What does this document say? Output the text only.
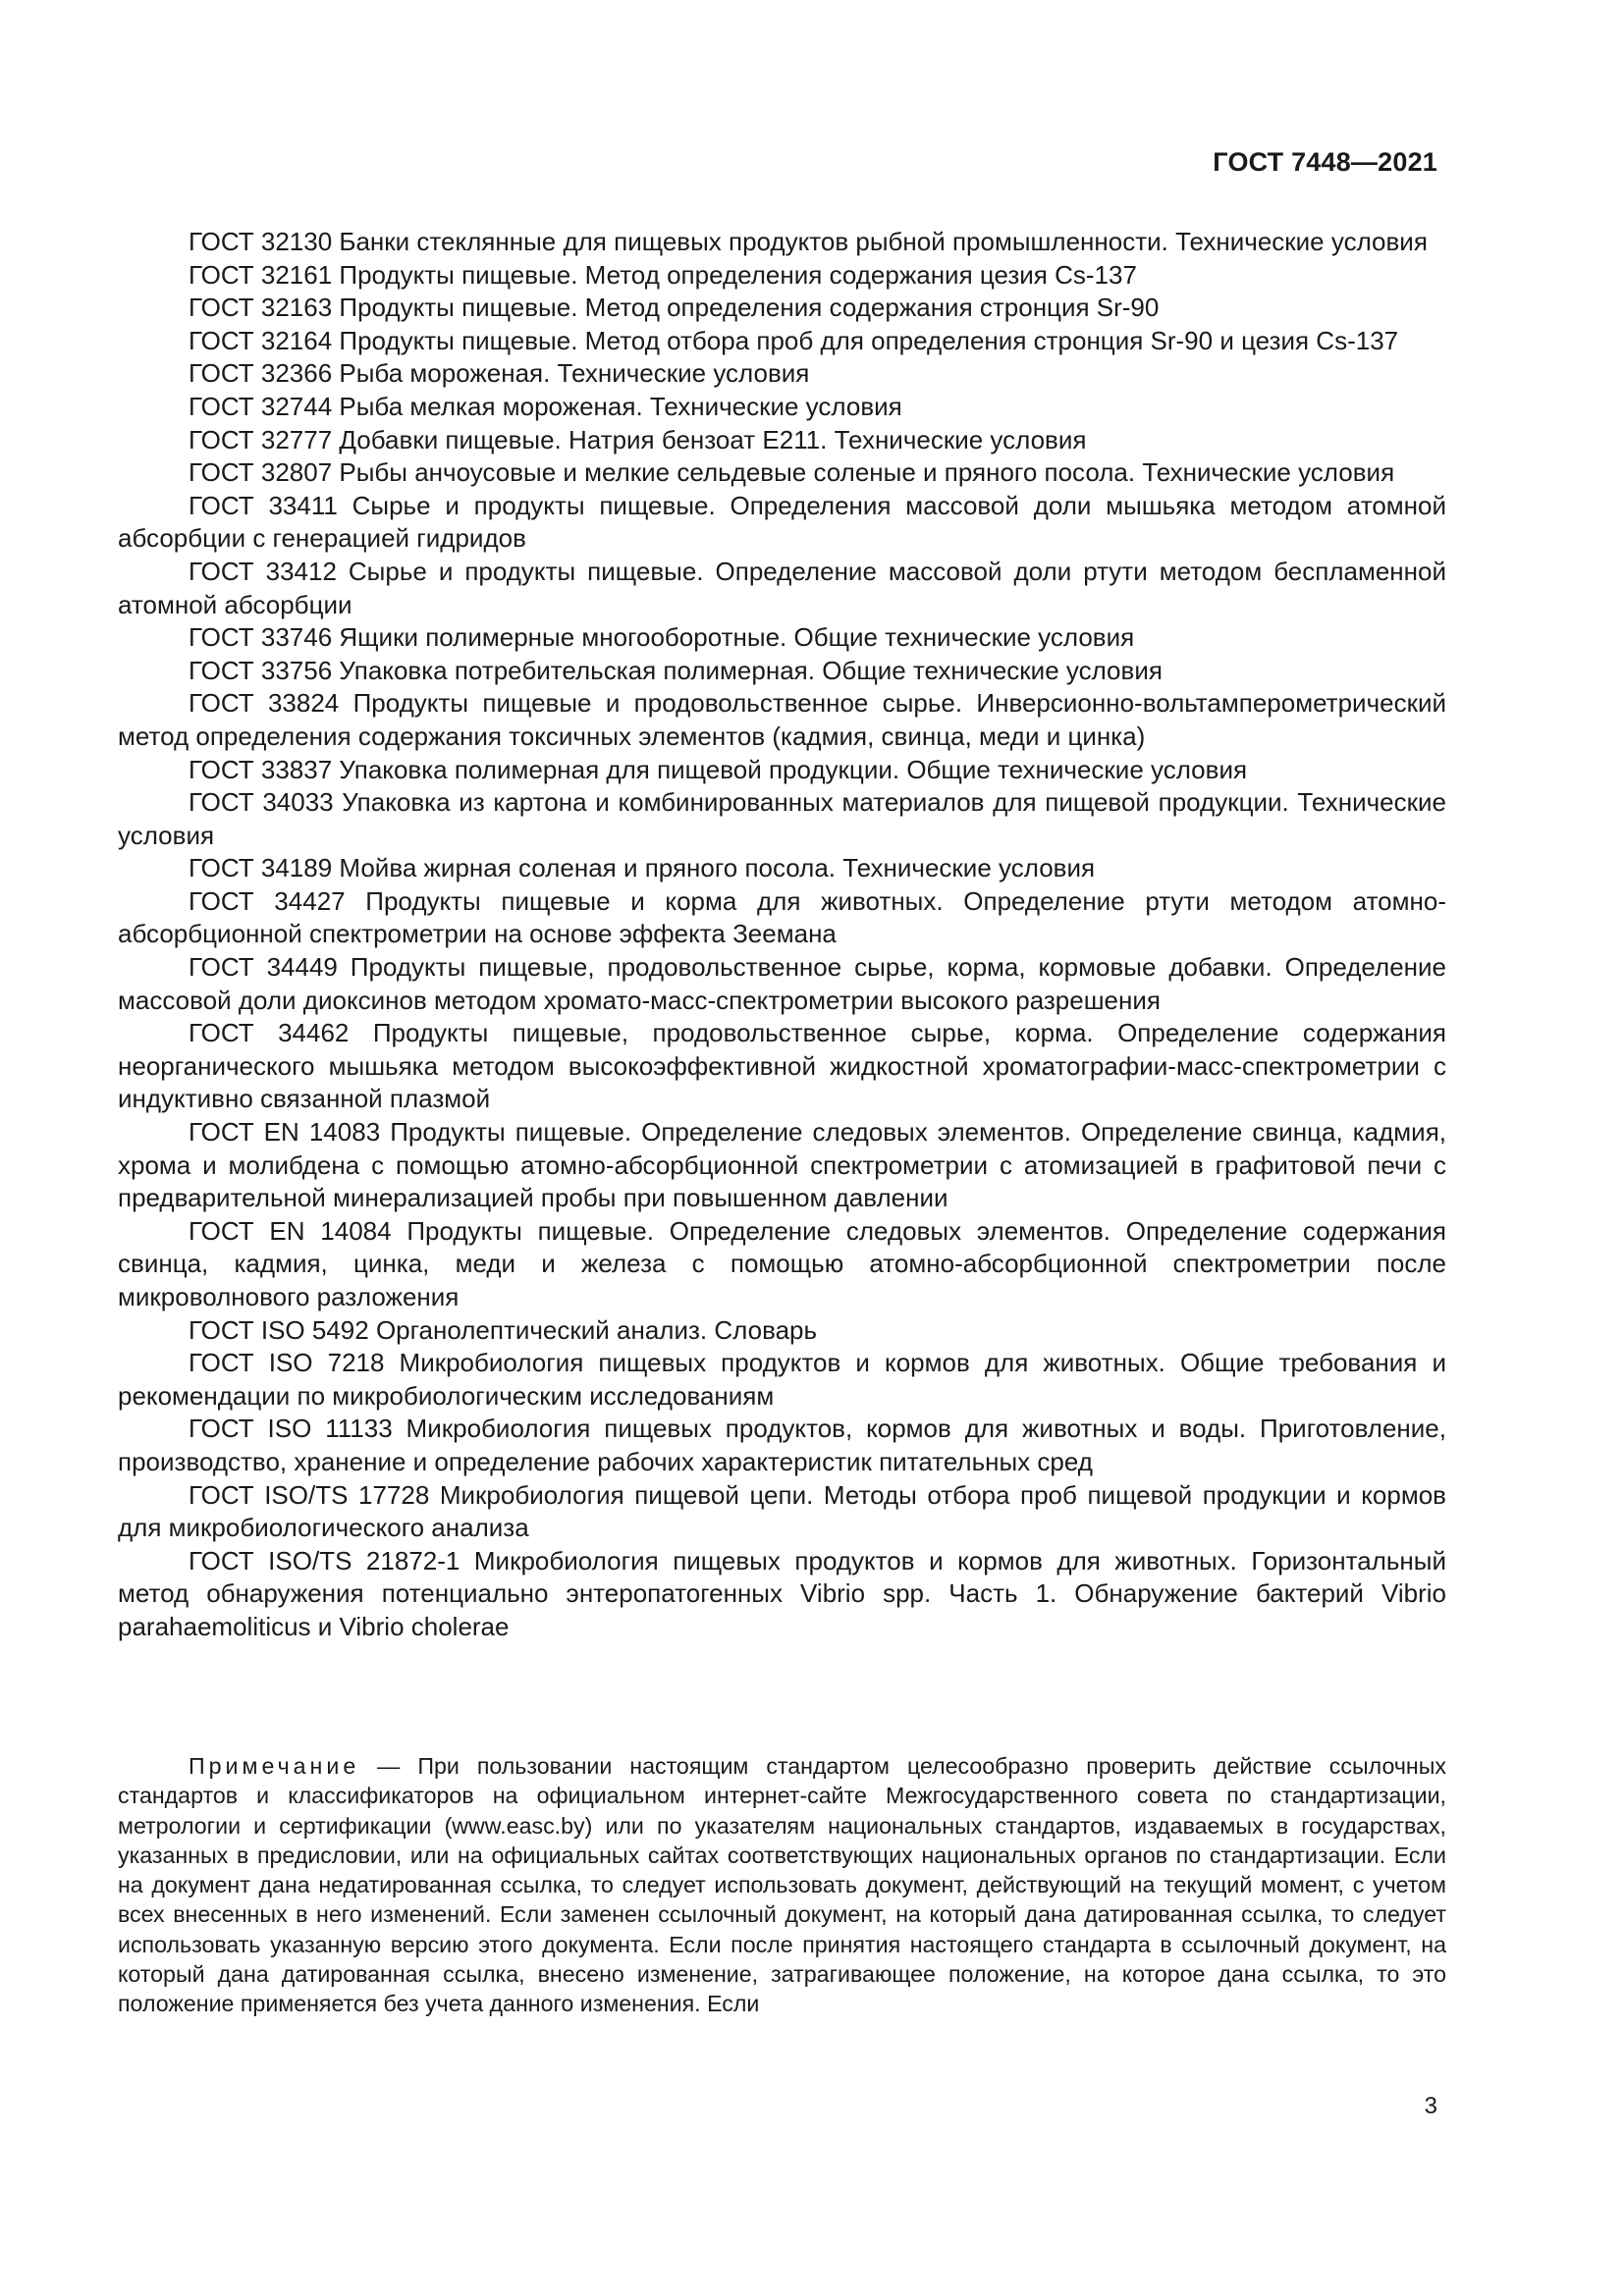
ГОСТ 7448—2021

ГОСТ 32130 Банки стеклянные для пищевых продуктов рыбной промышленности. Технические условия

ГОСТ 32161 Продукты пищевые. Метод определения содержания цезия Cs-137

ГОСТ 32163 Продукты пищевые. Метод определения содержания стронция Sr-90

ГОСТ 32164 Продукты пищевые. Метод отбора проб для определения стронция Sr-90 и цезия Cs-137

ГОСТ 32366 Рыба мороженая. Технические условия

ГОСТ 32744 Рыба мелкая мороженая. Технические условия

ГОСТ 32777 Добавки пищевые. Натрия бензоат E211. Технические условия

ГОСТ 32807 Рыбы анчоусовые и мелкие сельдевые соленые и пряного посола. Технические условия

ГОСТ 33411 Сырье и продукты пищевые. Определения массовой доли мышьяка методом атомной абсорбции с генерацией гидридов

ГОСТ 33412 Сырье и продукты пищевые. Определение массовой доли ртути методом беспламенной атомной абсорбции

ГОСТ 33746 Ящики полимерные многооборотные. Общие технические условия

ГОСТ 33756 Упаковка потребительская полимерная. Общие технические условия

ГОСТ 33824 Продукты пищевые и продовольственное сырье. Инверсионно-вольтамперометрический метод определения содержания токсичных элементов (кадмия, свинца, меди и цинка)

ГОСТ 33837 Упаковка полимерная для пищевой продукции. Общие технические условия

ГОСТ 34033 Упаковка из картона и комбинированных материалов для пищевой продукции. Технические условия

ГОСТ 34189 Мойва жирная соленая и пряного посола. Технические условия

ГОСТ 34427 Продукты пищевые и корма для животных. Определение ртути методом атомно-абсорбционной спектрометрии на основе эффекта Зеемана

ГОСТ 34449 Продукты пищевые, продовольственное сырье, корма, кормовые добавки. Определение массовой доли диоксинов методом хромато-масс-спектрометрии высокого разрешения

ГОСТ 34462 Продукты пищевые, продовольственное сырье, корма. Определение содержания неорганического мышьяка методом высокоэффективной жидкостной хроматографии-масс-спектрометрии с индуктивно связанной плазмой

ГОСТ EN 14083 Продукты пищевые. Определение следовых элементов. Определение свинца, кадмия, хрома и молибдена с помощью атомно-абсорбционной спектрометрии с атомизацией в графитовой печи с предварительной минерализацией пробы при повышенном давлении

ГОСТ EN 14084 Продукты пищевые. Определение следовых элементов. Определение содержания свинца, кадмия, цинка, меди и железа с помощью атомно-абсорбционной спектрометрии после микроволнового разложения

ГОСТ ISO 5492 Органолептический анализ. Словарь

ГОСТ ISO 7218 Микробиология пищевых продуктов и кормов для животных. Общие требования и рекомендации по микробиологическим исследованиям

ГОСТ ISO 11133 Микробиология пищевых продуктов, кормов для животных и воды. Приготовление, производство, хранение и определение рабочих характеристик питательных сред

ГОСТ ISO/TS 17728 Микробиология пищевой цепи. Методы отбора проб пищевой продукции и кормов для микробиологического анализа

ГОСТ ISO/TS 21872-1 Микробиология пищевых продуктов и кормов для животных. Горизонтальный метод обнаружения потенциально энтеропатогенных Vibrio spp. Часть 1. Обнаружение бактерий Vibrio parahaemoliticus и Vibrio cholerae

Примечание — При пользовании настоящим стандартом целесообразно проверить действие ссылочных стандартов и классификаторов на официальном интернет-сайте Межгосударственного совета по стандартизации, метрологии и сертификации (www.easc.by) или по указателям национальных стандартов, издаваемых в государствах, указанных в предисловии, или на официальных сайтах соответствующих национальных органов по стандартизации. Если на документ дана недатированная ссылка, то следует использовать документ, действующий на текущий момент, с учетом всех внесенных в него изменений. Если заменен ссылочный документ, на который дана датированная ссылка, то следует использовать указанную версию этого документа. Если после принятия настоящего стандарта в ссылочный документ, на который дана датированная ссылка, внесено изменение, затрагивающее положение, на которое дана ссылка, то это положение применяется без учета данного изменения. Если

3
